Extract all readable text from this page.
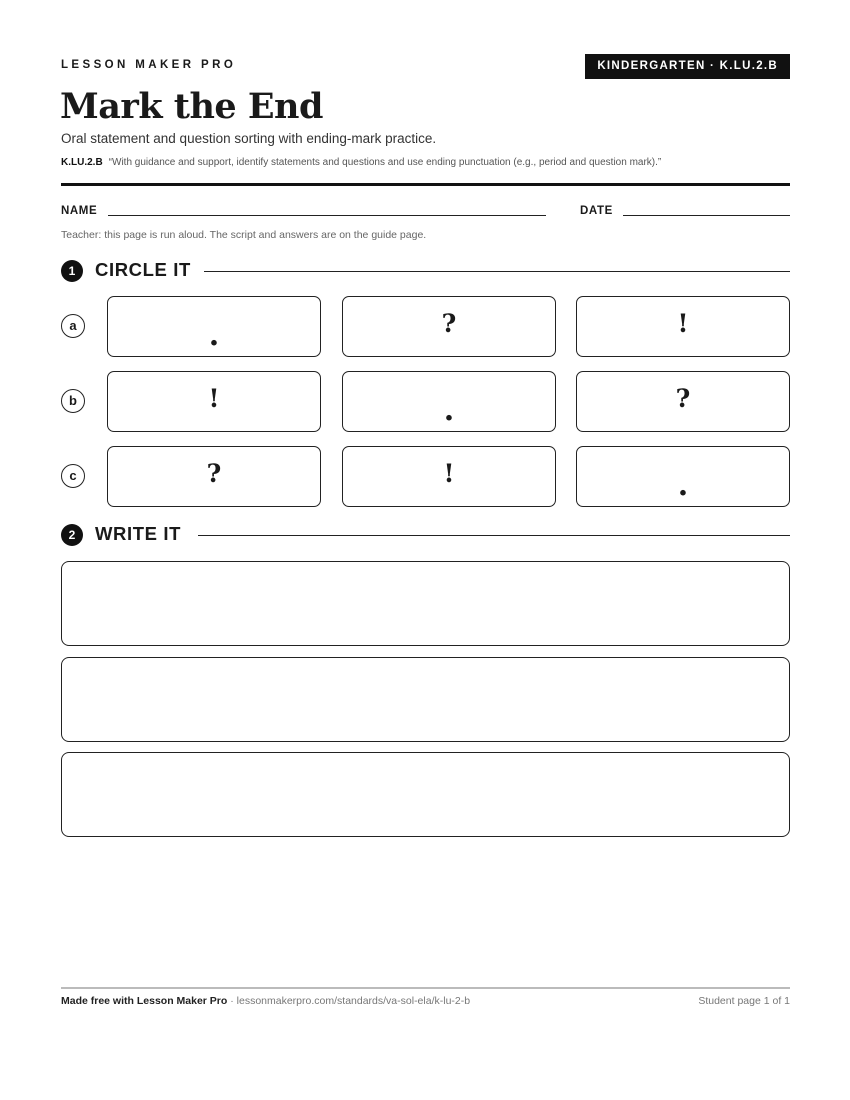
LESSON MAKER PRO	KINDERGARTEN · K.LU.2.B
Mark the End
Oral statement and question sorting with ending-mark practice.
K.LU.2.B “With guidance and support, identify statements and questions and use ending punctuation (e.g., period and question mark).”
NAME	DATE
Teacher: this page is run aloud. The script and answers are on the guide page.
1	CIRCLE IT
a	.	?	!
b	!	.	?
c	?	!	.
2	WRITE IT
Made free with Lesson Maker Pro · lessonmakerpro.com/standards/va-sol-ela/k-lu-2-b	Student page 1 of 1
